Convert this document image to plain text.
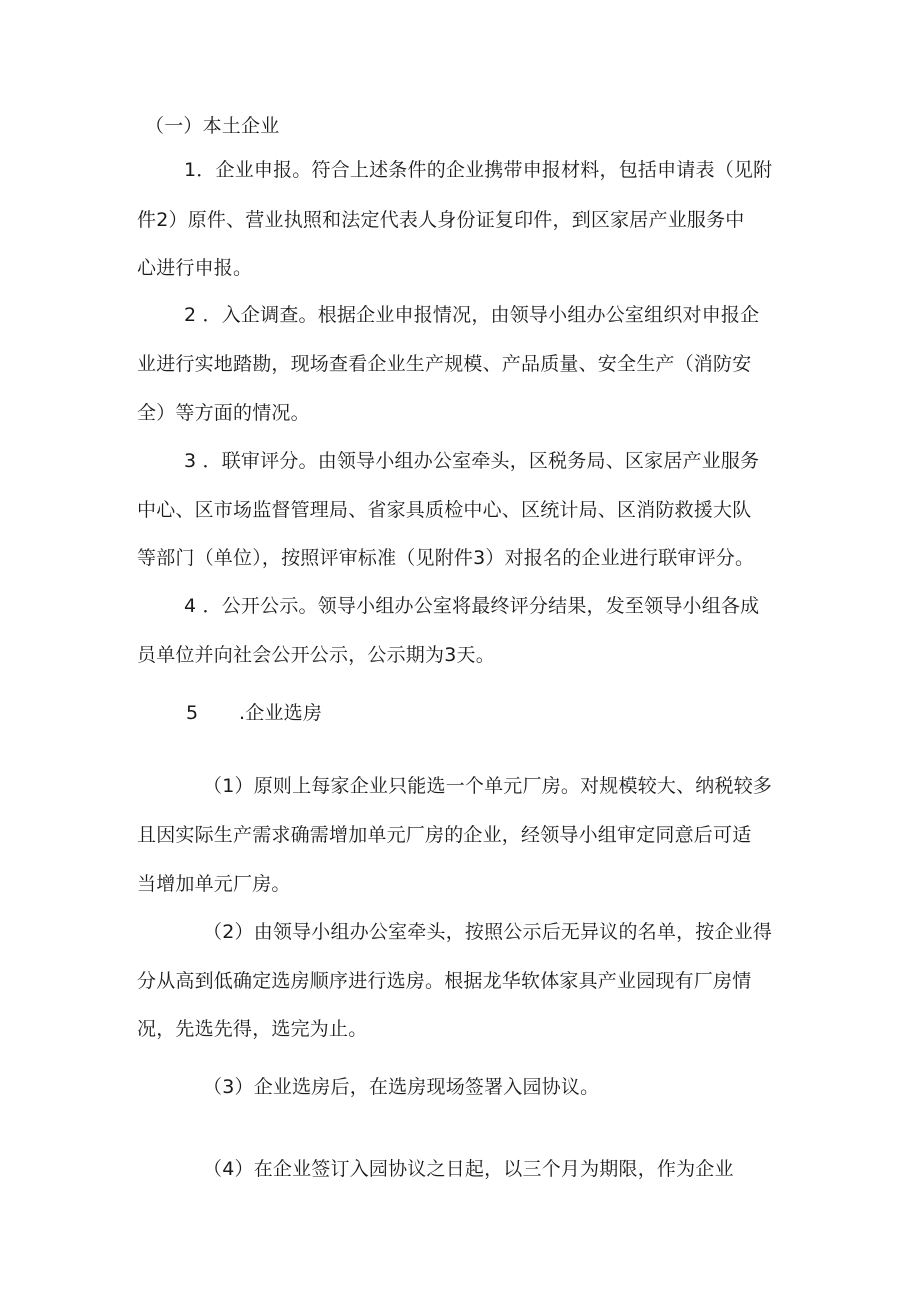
（一）本土企业
1．企业申报。符合上述条件的企业携带申报材料，包括申请表（见附
件2）原件、营业执照和法定代表人身份证复印件，到区家居产业服务中
心进行申报。
2 ．入企调查。根据企业申报情况，由领导小组办公室组织对申报企
业进行实地踏勘，现场查看企业生产规模、产品质量、安全生产（消防安
全）等方面的情况。
3 ．联审评分。由领导小组办公室牵头，区税务局、区家居产业服务
中心、区市场监督管理局、省家具质检中心、区统计局、区消防救援大队
等部门（单位），按照评审标准（见附件3）对报名的企业进行联审评分。
4 ．公开公示。领导小组办公室将最终评分结果，发至领导小组各成
员单位并向社会公开公示，公示期为3天。
5 .企业选房
（1）原则上每家企业只能选一个单元厂房。对规模较大、纳税较多
且因实际生产需求确需增加单元厂房的企业，经领导小组审定同意后可适
当增加单元厂房。
（2）由领导小组办公室牵头，按照公示后无异议的名单，按企业得
分从高到低确定选房顺序进行选房。根据龙华软体家具产业园现有厂房情
况，先选先得，选完为止。
（3）企业选房后，在选房现场签署入园协议。
（4）在企业签订入园协议之日起，以三个月为期限，作为企业
